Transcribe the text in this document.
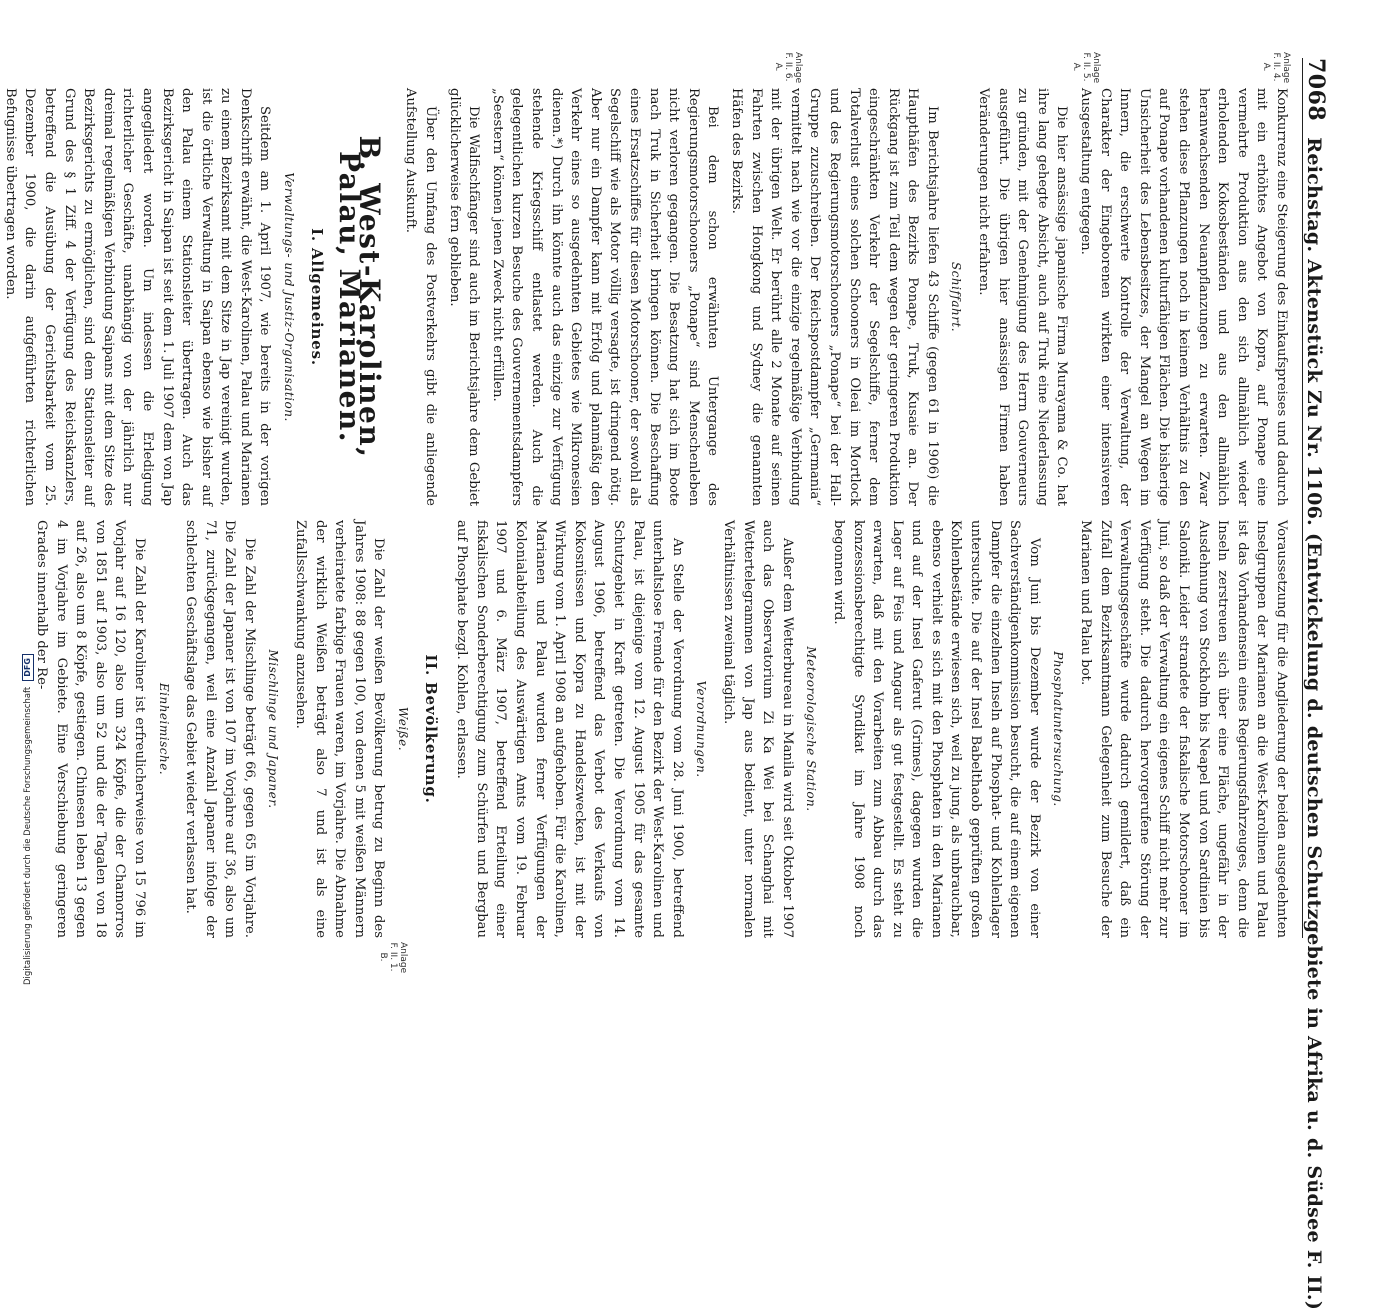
7068
Reichstag. Aktenstück Zu Nr. 1106. (Entwickelung d. deutschen Schutzgebiete in Afrika u. d. Südsee F. II.)
Anlage F. II. 4. A.
Anlage F. II. 5. A.
Anlage F. II. 6. A.
Anlage F. II. 1. B.

Konkurrenz eine Steigerung des Einkaufspreises und dadurch mit ein erhöhtes Angebot von Kopra, auf Ponape eine vermehrte Produktion aus den sich allmählich wieder erholenden Kokosbeständen und aus den allmählich heranwachsenden Neuanpflanzungen zu erwarten. Zwar stehen diese Pflanzungen noch in keinem Verhältnis zu den auf Ponape vorhandenen kulturfähigen Flächen. Die bisherige Unsicherheit des Lebensbesitzes, der Mangel an Wegen im Innern, die erschwerte Kontrolle der Verwaltung, der Charakter der Eingeborenen wirkten einer intensiveren Ausgestaltung entgegen.

Die hier ansässige japanische Firma Murayama & Co. hat ihre lang gehegte Absicht, auch auf Truk eine Niederlassung zu gründen, mit der Genehmigung des Herrn Gouverneurs ausgeführt. Die übrigen hier ansässigen Firmen haben Veränderungen nicht erfahren.

Schiffahrt.

Im Berichtsjahre liefen 43 Schiffe (gegen 61 in 1906) die Haupthäfen des Bezirks Ponape, Truk, Kusaie an. Der Rückgang ist zum Teil dem wegen der geringeren Produktion eingeschränkten Verkehr der Segelschiffe, ferner dem Totalverlust eines solchen Schooners in Oleai im Mortlock und des Regierungsmotorschooners „Ponape“ bei der Hall-Gruppe zuzuschreiben. Der Reichspostdampfer „Germania“ vermittelt nach wie vor die einzige regelmäßige Verbindung mit der übrigen Welt. Er berührt alle 2 Monate auf seinen Fahrten zwischen Hongkong und Sydney die genannten Häfen des Bezirks.

Bei dem schon erwähnten Untergange des Regierungsmotorschooners „Ponape“ sind Menschenleben nicht verloren gegangen. Die Besatzung hat sich im Boote nach Truk in Sicherheit bringen können. Die Beschaffung eines Ersatzschiffes für diesen Motorschooner, der sowohl als Segelschiff wie als Motor völlig versagte, ist dringend nötig. Aber nur ein Dampfer kann mit Erfolg und planmäßig den Verkehr eines so ausgedehnten Gebietes wie Mikronesien dienen.*) Durch ihn könnte auch das einzige zur Verfügung stehende Kriegsschiff entlastet werden. Auch die gelegentlichen kurzen Besuche des Gouvernementsdampfers „Seestern“ können jenen Zweck nicht erfüllen.

Die Walfischfänger sind auch im Berichtsjahre dem Gebiet glücklicherweise fern geblieben.

Über den Umfang des Postverkehrs gibt die anliegende Aufstellung Auskunft.

B. West-Karolinen, Palau, Marianen.
I. Allgemeines.
Verwaltungs- und Justiz-Organisation.

Seitdem am 1. April 1907, wie bereits in der vorigen Denkschrift erwähnt, die West-Karolinen, Palau und Marianen zu einem Bezirksamt mit dem Sitze in Jap vereinigt wurden, ist die örtliche Verwaltung in Saipan ebenso wie bisher auf den Palau einem Stationsleiter übertragen. Auch das Bezirksgericht in Saipan ist seit dem 1. Juli 1907 dem von Jap angegliedert worden. Um indessen die Erledigung richterlicher Geschäfte, unabhängig von der jährlich nur dreimal regelmäßigen Verbindung Saipans mit dem Sitze des Bezirksgerichts zu ermöglichen, sind dem Stationsleiter auf Grund des § 1 Ziff. 4 der Verfügung des Reichskanzlers, betreffend die Ausübung der Gerichtsbarkeit vom 25. Dezember 1900, die darin aufgeführten richterlichen Befugnisse übertragen worden.

Voraussetzung für die Angliederung der beiden ausgedehnten Inselgruppen der Marianen an die West-Karolinen und Palau ist das Vorhandensein eines Regierungsfahrzeuges, denn die Inseln zerstreuen sich über eine Fläche, ungefähr in der Ausdehnung von Stockholm bis Neapel und von Sardinien bis Saloniki. Leider strandete der fiskalische Motorschooner im Juni, so daß der Verwaltung ein eigenes Schiff nicht mehr zur Verfügung steht. Die dadurch hervorgerufene Störung der Verwaltungsgeschäfte wurde dadurch gemildert, daß ein Zufall dem Bezirksamtmann Gelegenheit zum Besuche der Marianen und Palau bot.

Phosphatuntersuchung.

Vom Juni bis Dezember wurde der Bezirk von einer Sachverständigenkommission besucht, die auf einem eigenen Dampfer die einzelnen Inseln auf Phosphat- und Kohlenlager untersuchte. Die auf der Insel Babelthaob geprüften großen Kohlenbestände erwiesen sich, weil zu jung, als unbrauchbar, ebenso verhielt es sich mit den Phosphaten in den Marianen und auf der Insel Gaferut (Grimes), dagegen wurden die Lager auf Feis und Angaur als gut festgestellt. Es steht zu erwarten, daß mit den Vorarbeiten zum Abbau durch das konzessionsberechtigte Syndikat im Jahre 1908 noch begonnen wird.

Meteorologische Station.

Außer dem Wetterbureau in Manila wird seit Oktober 1907 auch das Observatorium Zi Ka Wei bei Schanghai mit Wettertelegrammen von Jap aus bedient, unter normalen Verhältnissen zweimal täglich.

Verordnungen.

An Stelle der Verordnung vom 28. Juni 1900, betreffend unterhaltslose Fremde für den Bezirk der West-Karolinen und Palau, ist diejenige vom 12. August 1905 für das gesamte Schutzgebiet in Kraft getreten. Die Verordnung vom 14. August 1906, betreffend das Verbot des Verkaufs von Kokosnüssen und Kopra zu Handelszwecken, ist mit der Wirkung vom 1. April 1908 an aufgehoben. Für die Karolinen, Marianen und Palau wurden ferner Verfügungen der Kolonialabteilung des Auswärtigen Amts vom 19. Februar 1907 und 6. März 1907, betreffend Erteilung einer fiskalischen Sonderberechtigung zum Schürfen und Bergbau auf Phosphate bezgl. Kohlen, erlassen.

II. Bevölkerung.
Weiße.

Die Zahl der weißen Bevölkerung betrug zu Beginn des Jahres 1908: 88 gegen 100, von denen 5 mit weißen Männern verheiratete farbige Frauen waren, im Vorjahre. Die Abnahme der wirklich Weißen beträgt also 7 und ist als eine Zufallsschwankung anzusehen.

Mischlinge und Japaner.

Die Zahl der Mischlinge beträgt 66, gegen 65 im Vorjahre. Die Zahl der Japaner ist von 107 im Vorjahre auf 36, also um 71, zurückgegangen, weil eine Anzahl Japaner infolge der schlechten Geschäftslage das Gebiet wieder verlassen hat.

Einheimische.

Die Zahl der Karoliner ist erfreulicherweise von 15 796 im Vorjahr auf 16 120, also um 324 Köpfe, die der Chamorros von 1851 auf 1903, also um 52 und die der Tagalen von 18 auf 26, also um 8 Köpfe, gestiegen. Chinesen leben 13 gegen 4 im Vorjahre im Gebiete. Eine Verschiebung geringeren Grades innerhalb der Re-

Digitalisierung gefördert durch die Deutsche Forschungsgemeinschaft
DFG
